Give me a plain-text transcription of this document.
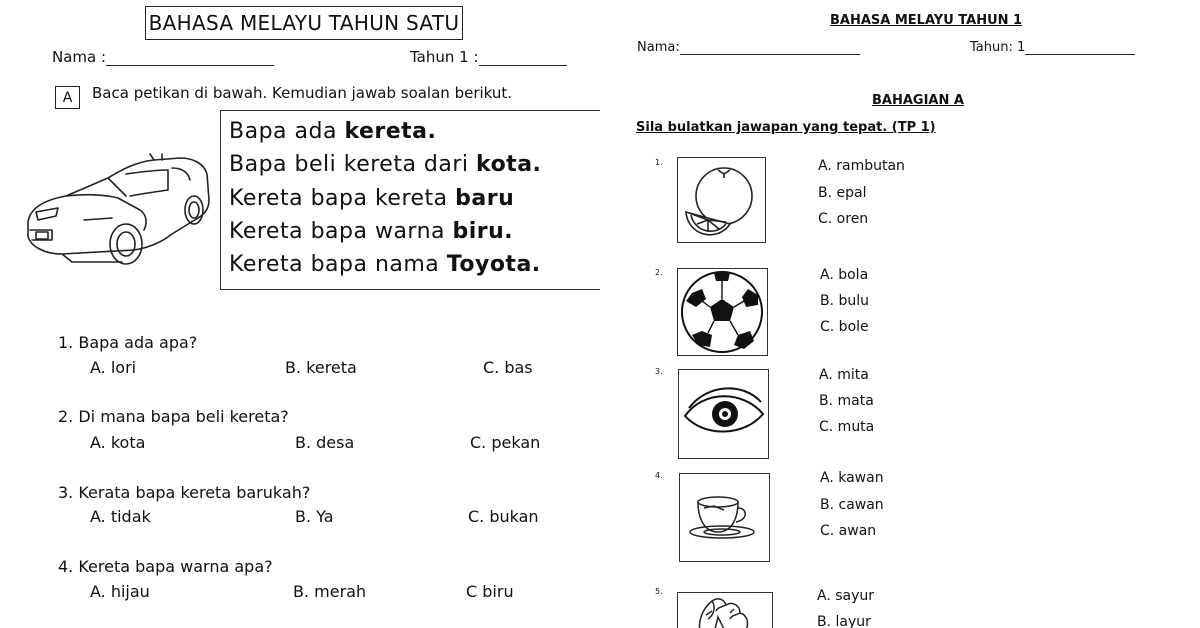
BAHASA MELAYU TAHUN SATU
Nama :	Tahun 1 :
A Baca petikan di bawah. Kemudian jawab soalan berikut.
Bapa ada kereta.
Bapa beli kereta dari kota.
Kereta bapa kereta baru
Kereta bapa warna biru.
Kereta bapa nama Toyota.
1. Bapa ada apa?
A. lori	B. kereta	C. bas
2. Di mana bapa beli kereta?
A. kota	B. desa	C. pekan
3. Kerata bapa kereta barukah?
A. tidak	B. Ya	C. bukan
4. Kereta bapa warna apa?
A. hijau	B. merah	C biru
BAHASA MELAYU TAHUN 1
Nama:	Tahun: 1
BAHAGIAN A
Sila bulatkan jawapan yang tepat. (TP 1)
1.	A. rambutan
B. epal
C. oren
2.	A. bola
B. bulu
C. bole
3.	A. mita
B. mata
C. muta
4.	A. kawan
B. cawan
C. awan
5.	A. sayur
B. layur
